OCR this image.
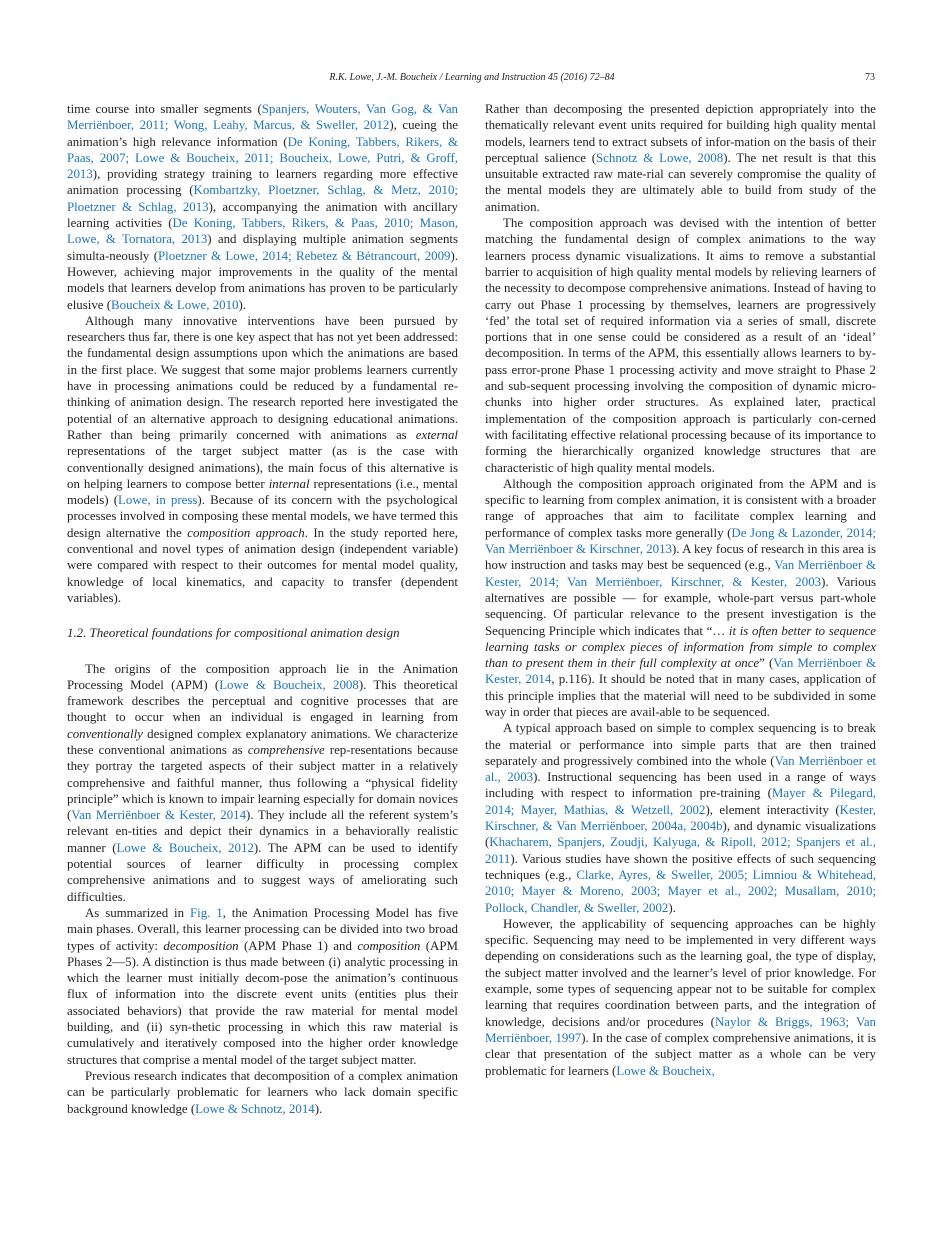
R.K. Lowe, J.-M. Boucheix / Learning and Instruction 45 (2016) 72–84	73

time course into smaller segments (Spanjers, Wouters, Van Gog, & Van Merriënboer, 2011; Wong, Leahy, Marcus, & Sweller, 2012), cueing the animation’s high relevance information (De Koning, Tabbers, Rikers, & Paas, 2007; Lowe & Boucheix, 2011; Boucheix, Lowe, Putri, & Groff, 2013), providing strategy training to learners regarding more effective animation processing (Kombartzky, Ploetzner, Schlag, & Metz, 2010; Ploetzner & Schlag, 2013), accompanying the animation with ancillary learning activities (De Koning, Tabbers, Rikers, & Paas, 2010; Mason, Lowe, & Tornatora, 2013) and displaying multiple animation segments simulta-neously (Ploetzner & Lowe, 2014; Rebetez & Bétrancourt, 2009). However, achieving major improvements in the quality of the mental models that learners develop from animations has proven to be particularly elusive (Boucheix & Lowe, 2010).

Although many innovative interventions have been pursued by researchers thus far, there is one key aspect that has not yet been addressed: the fundamental design assumptions upon which the animations are based in the first place. We suggest that some major problems learners currently have in processing animations could be reduced by a fundamental re-thinking of animation design. The research reported here investigated the potential of an alternative approach to designing educational animations. Rather than being primarily concerned with animations as external representations of the target subject matter (as is the case with conventionally designed animations), the main focus of this alternative is on helping learners to compose better internal representations (i.e., mental models) (Lowe, in press). Because of its concern with the psychological processes involved in composing these mental models, we have termed this design alternative the composition approach. In the study reported here, conventional and novel types of animation design (independent variable) were compared with respect to their outcomes for mental model quality, knowledge of local kinematics, and capacity to transfer (dependent variables).

1.2. Theoretical foundations for compositional animation design

The origins of the composition approach lie in the Animation Processing Model (APM) (Lowe & Boucheix, 2008). This theoretical framework describes the perceptual and cognitive processes that are thought to occur when an individual is engaged in learning from conventionally designed complex explanatory animations. We characterize these conventional animations as comprehensive rep-resentations because they portray the targeted aspects of their subject matter in a relatively comprehensive and faithful manner, thus following a “physical fidelity principle” which is known to impair learning especially for domain novices (Van Merriënboer & Kester, 2014). They include all the referent system’s relevant en-tities and depict their dynamics in a behaviorally realistic manner (Lowe & Boucheix, 2012). The APM can be used to identify potential sources of learner difficulty in processing complex comprehensive animations and to suggest ways of ameliorating such difficulties.

As summarized in Fig. 1, the Animation Processing Model has five main phases. Overall, this learner processing can be divided into two broad types of activity: decomposition (APM Phase 1) and composition (APM Phases 2—5). A distinction is thus made between (i) analytic processing in which the learner must initially decom-pose the animation’s continuous flux of information into the discrete event units (entities plus their associated behaviors) that provide the raw material for mental model building, and (ii) syn-thetic processing in which this raw material is cumulatively and iteratively composed into the higher order knowledge structures that comprise a mental model of the target subject matter.

Previous research indicates that decomposition of a complex animation can be particularly problematic for learners who lack domain specific background knowledge (Lowe & Schnotz, 2014).

Rather than decomposing the presented depiction appropriately into the thematically relevant event units required for building high quality mental models, learners tend to extract subsets of infor-mation on the basis of their perceptual salience (Schnotz & Lowe, 2008). The net result is that this unsuitable extracted raw mate-rial can severely compromise the quality of the mental models they are ultimately able to build from study of the animation.

The composition approach was devised with the intention of better matching the fundamental design of complex animations to the way learners process dynamic visualizations. It aims to remove a substantial barrier to acquisition of high quality mental models by relieving learners of the necessity to decompose comprehensive animations. Instead of having to carry out Phase 1 processing by themselves, learners are progressively ‘fed’ the total set of required information via a series of small, discrete portions that in one sense could be considered as a result of an ‘ideal’ decomposition. In terms of the APM, this essentially allows learners to by-pass error-prone Phase 1 processing activity and move straight to Phase 2 and sub-sequent processing involving the composition of dynamic micro-chunks into higher order structures. As explained later, practical implementation of the composition approach is particularly con-cerned with facilitating effective relational processing because of its importance to forming the hierarchically organized knowledge structures that are characteristic of high quality mental models.

Although the composition approach originated from the APM and is specific to learning from complex animation, it is consistent with a broader range of approaches that aim to facilitate complex learning and performance of complex tasks more generally (De Jong & Lazonder, 2014; Van Merriënboer & Kirschner, 2013). A key focus of research in this area is how instruction and tasks may best be sequenced (e.g., Van Merriënboer & Kester, 2014; Van Merriënboer, Kirschner, & Kester, 2003). Various alternatives are possible — for example, whole-part versus part-whole sequencing. Of particular relevance to the present investigation is the Sequencing Principle which indicates that “… it is often better to sequence learning tasks or complex pieces of information from simple to complex than to present them in their full complexity at once” (Van Merriënboer & Kester, 2014, p.116). It should be noted that in many cases, application of this principle implies that the material will need to be subdivided in some way in order that pieces are avail-able to be sequenced.

A typical approach based on simple to complex sequencing is to break the material or performance into simple parts that are then trained separately and progressively combined into the whole (Van Merriënboer et al., 2003). Instructional sequencing has been used in a range of ways including with respect to information pre-training (Mayer & Pilegard, 2014; Mayer, Mathias, & Wetzell, 2002), element interactivity (Kester, Kirschner, & Van Merriënboer, 2004a, 2004b), and dynamic visualizations (Khacharem, Spanjers, Zoudji, Kalyuga, & Ripoll, 2012; Spanjers et al., 2011). Various studies have shown the positive effects of such sequencing techniques (e.g., Clarke, Ayres, & Sweller, 2005; Limniou & Whitehead, 2010; Mayer & Moreno, 2003; Mayer et al., 2002; Musallam, 2010; Pollock, Chandler, & Sweller, 2002).

However, the applicability of sequencing approaches can be highly specific. Sequencing may need to be implemented in very different ways depending on considerations such as the learning goal, the type of display, the subject matter involved and the learner’s level of prior knowledge. For example, some types of sequencing appear not to be suitable for complex learning that requires coordination between parts, and the integration of knowledge, decisions and/or procedures (Naylor & Briggs, 1963; Van Merriënboer, 1997). In the case of complex comprehensive animations, it is clear that presentation of the subject matter as a whole can be very problematic for learners (Lowe & Boucheix,
